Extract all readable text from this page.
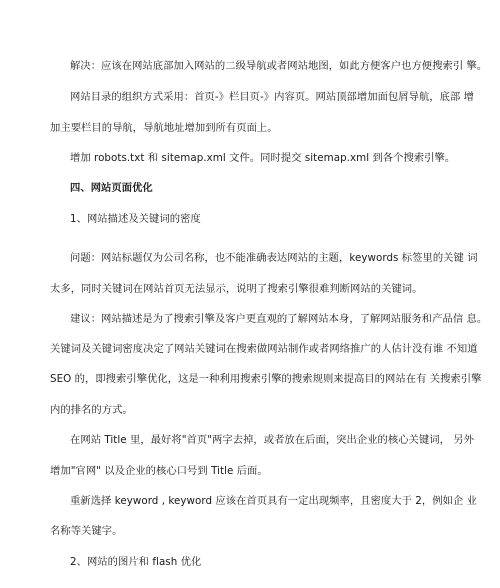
解决：应该在网站底部加入网站的二级导航或者网站地图，如此方便客户也方便搜索引 擎。
网站目录的组织方式采用：首页-》栏目页-》内容页。网站顶部增加面包屑导航，底部 增
加主要栏目的导航，导航地址增加到所有页面上。
增加 robots.txt 和 sitemap.xml 文件。同时提交 sitemap.xml 到各个搜索引擎。
四、网站页面优化
1、网站描述及关键词的密度
问题：网站标题仅为公司名称，也不能准确表达网站的主题，keywords 标签里的关键 词
太多，同时关键词在网站首页无法显示，说明了搜索引擎很难判断网站的关键词。
建议：网站描述是为了搜索引擎及客户更直观的了解网站本身，了解网站服务和产品信 息。
关键词及关键词密度决定了网站关键词在搜索做网站制作或者网络推广的人估计没有谁 不知道
SEO 的，即搜索引擎优化，这是一种利用搜索引擎的搜索规则来提高目的网站在有 关搜索引擎
内的排名的方式。
在网站 Title 里，最好将"首页"两字去掉，或者放在后面，突出企业的核心关键词， 另外
增加"官网" 以及企业的核心口号到 Title 后面。
重新选择 keyword , keyword 应该在首页具有一定出现频率，且密度大于 2，例如企 业
名称等关键字。
2、网站的图片和 flash 优化
